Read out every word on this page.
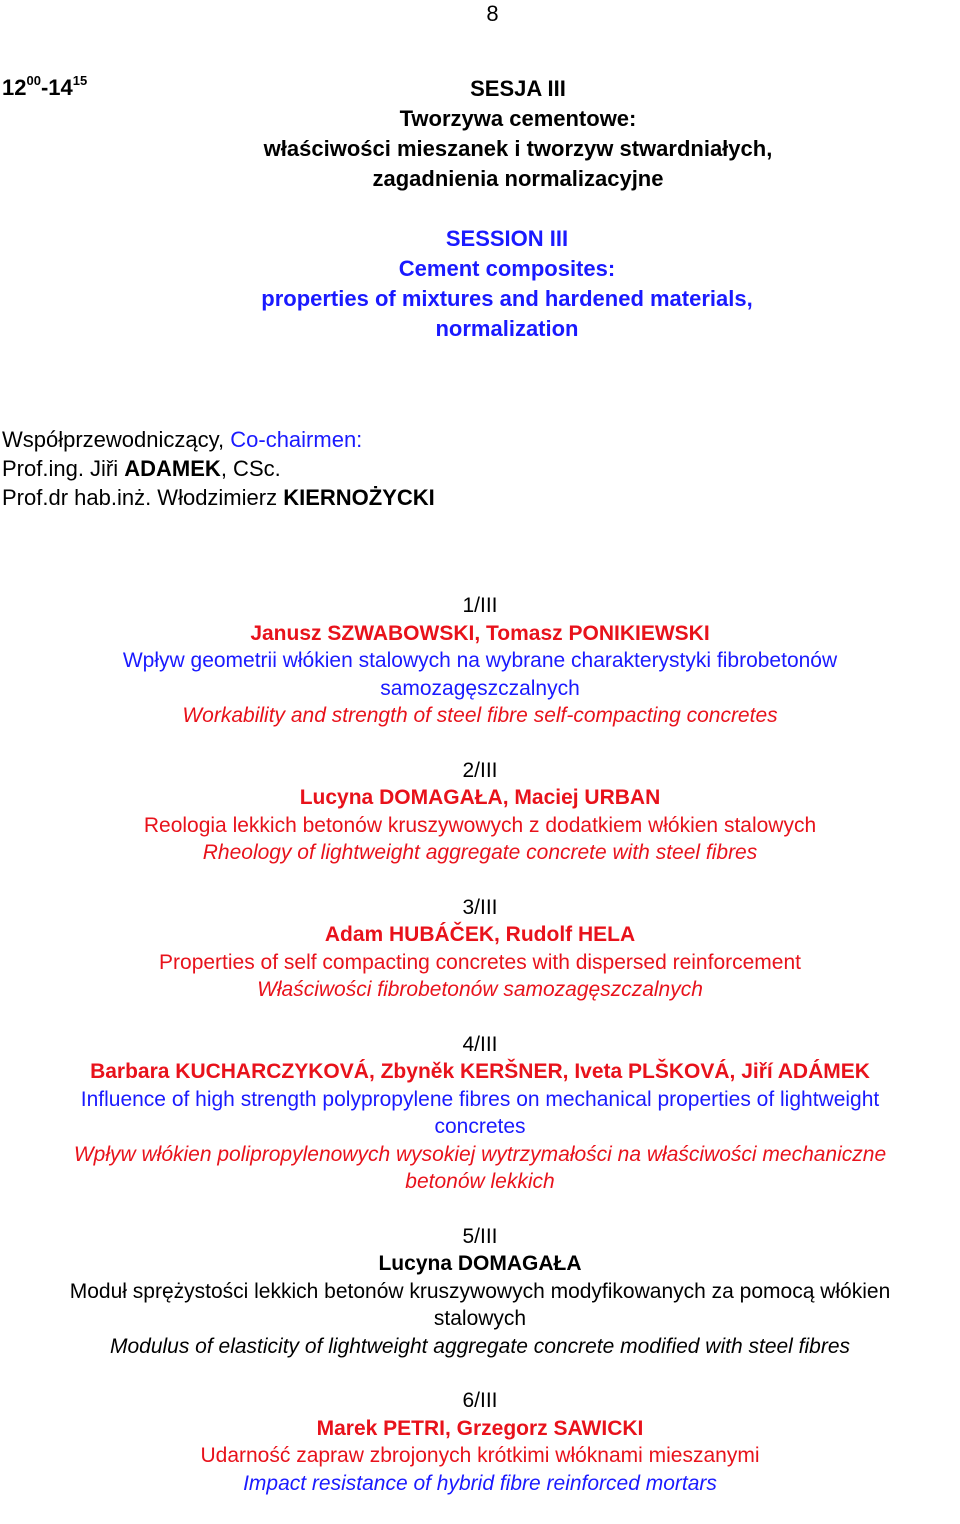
8
$12^{00}-14^{15}$	SESJA III
Tworzywa cementowe:
właściwości mieszanek i tworzyw stwardniałych,
zagadnienia normalizacyjne
SESSION III
Cement composites:
properties of mixtures and hardened materials,
normalization
Współprzewodniczący, Co-chairmen:
Prof.ing. Jiři ADAMEK, CSc.
Prof.dr hab.inż. Włodzimierz KIERNOŻYCKI
1/III
Janusz SZWABOWSKI, Tomasz PONIKIEWSKI
Wpływ geometrii włókien stalowych na wybrane charakterystyki fibrobetonów
samozagęszczalnych
Workability and strength of steel fibre self-compacting concretes
2/III
Lucyna DOMAGAŁA, Maciej URBAN
Reologia lekkich betonów kruszywowych z dodatkiem włókien stalowych
Rheology of lightweight aggregate concrete with steel fibres
3/III
Adam HUBÁČEK, Rudolf HELA
Properties of self compacting concretes with dispersed reinforcement
Właściwości fibrobetonów samozagęszczalnych
4/III
Barbara KUCHARCZYKOVÁ, Zbyněk KERŠNER, Iveta PLŠKOVÁ, Jiří ADÁMEK
Influence of high strength polypropylene fibres on mechanical properties of lightweight
concretes
Wpływ włókien polipropylenowych wysokiej wytrzymałości na właściwości mechaniczne
betonów lekkich
5/III
Lucyna DOMAGAŁA
Moduł sprężystości lekkich betonów kruszywowych modyfikowanych za pomocą włókien
stalowych
Modulus of elasticity of lightweight aggregate concrete modified with steel fibres
6/III
Marek PETRI, Grzegorz SAWICKI
Udarność zapraw zbrojonych krótkimi włóknami mieszanymi
Impact resistance of hybrid fibre reinforced mortars
